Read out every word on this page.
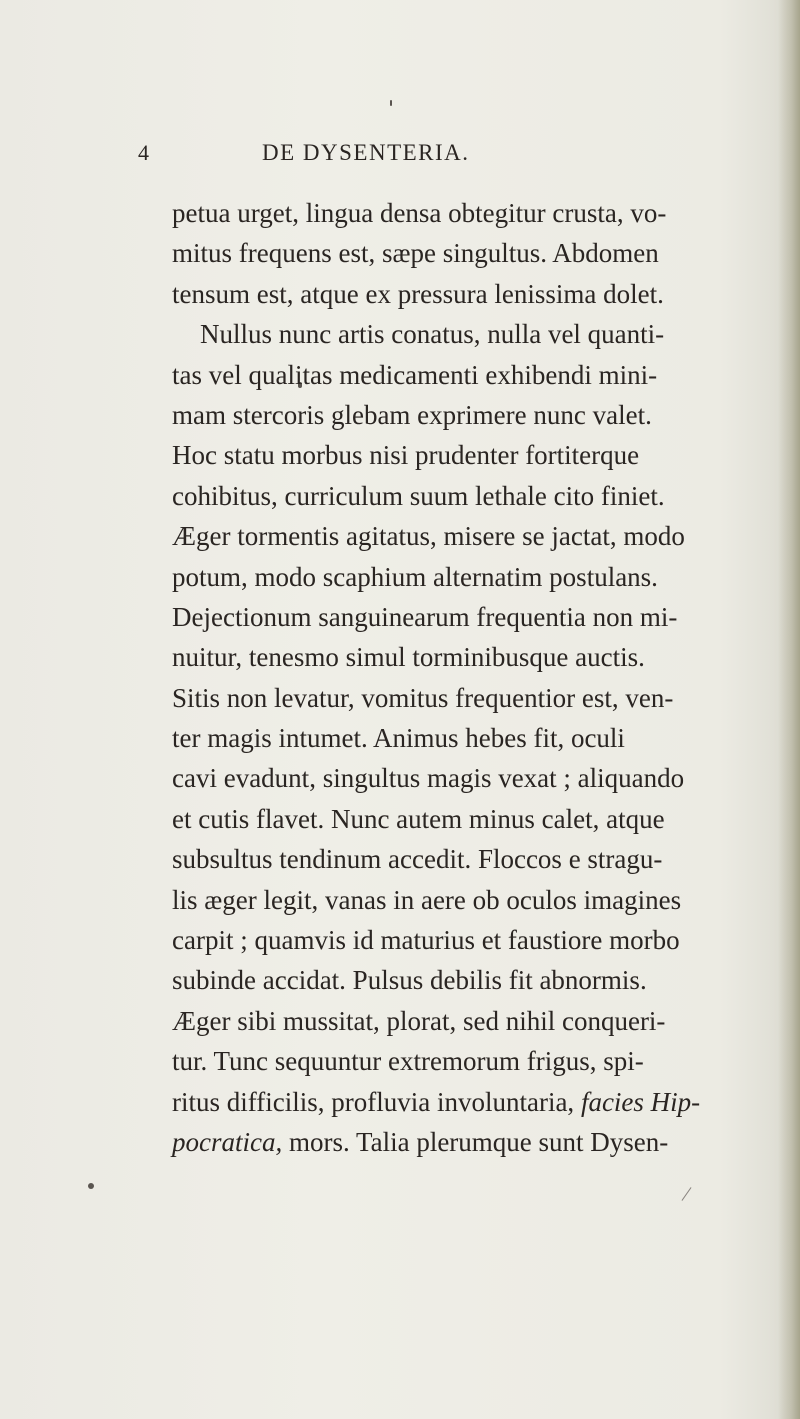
4	DE DYSENTERIA.
petua urget, lingua densa obtegitur crusta, vo-
mitus frequens est, sæpe singultus. Abdomen
tensum est, atque ex pressura lenissima dolet.
Nullus nunc artis conatus, nulla vel quanti-
tas vel qualitas medicamenti exhibendi mini-
mam stercoris glebam exprimere nunc valet.
Hoc statu morbus nisi prudenter fortiterque
cohibitus, curriculum suum lethale cito finiet.
Æger tormentis agitatus, misere se jactat, modo
potum, modo scaphium alternatim postulans.
Dejectionum sanguinearum frequentia non mi-
nuitur, tenesmo simul torminibusque auctis.
Sitis non levatur, vomitus frequentior est, ven-
ter magis intumet. Animus hebes fit, oculi
cavi evadunt, singultus magis vexat ; aliquando
et cutis flavet. Nunc autem minus calet, atque
subsultus tendinum accedit. Floccos e stragu-
lis æger legit, vanas in aere ob oculos imagines
carpit ; quamvis id maturius et faustiore morbo
subinde accidat. Pulsus debilis fit abnormis.
Æger sibi mussitat, plorat, sed nihil conqueri-
tur. Tunc sequuntur extremorum frigus, spi-
ritus difficilis, profluvia involuntaria, facies Hip-
pocratica, mors. Talia plerumque sunt Dysen-
